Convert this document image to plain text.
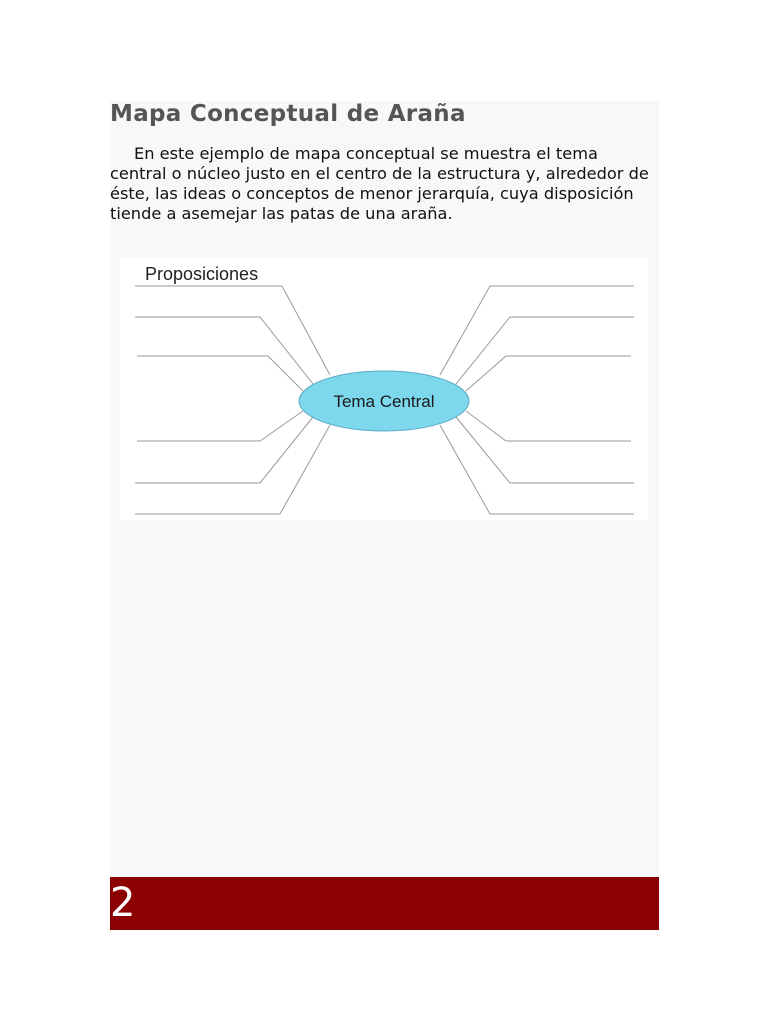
Mapa Conceptual de Araña

En este ejemplo de mapa conceptual se muestra el tema central o núcleo justo en el centro de la estructura y, alrededor de éste, las ideas o conceptos de menor jerarquía, cuya disposición tiende a asemejar las patas de una araña.

Tema Central
Proposiciones
2
